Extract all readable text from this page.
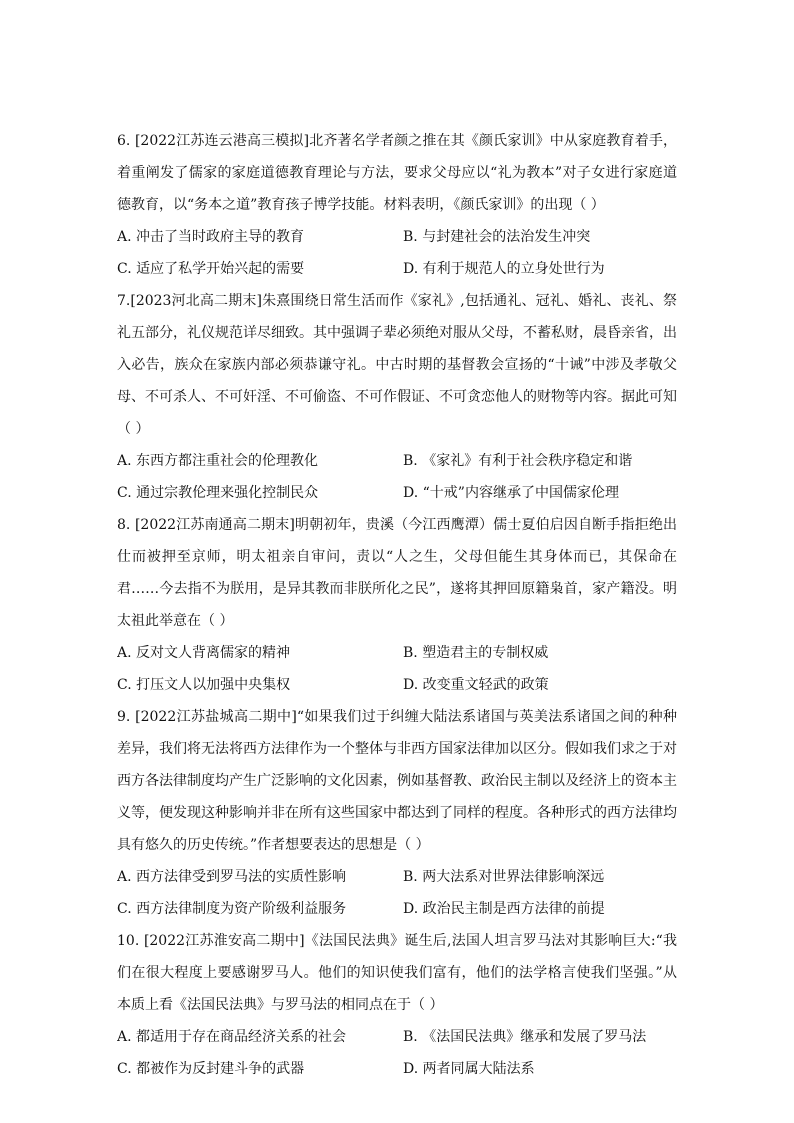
6. [2022江苏连云港高三模拟]北齐著名学者颜之推在其《颜氏家训》中从家庭教育着手，着重阐发了儒家的家庭道德教育理论与方法，要求父母应以“礼为教本”对子女进行家庭道德教育，以“务本之道”教育孩子博学技能。材料表明，《颜氏家训》的出现（ ）

A. 冲击了当时政府主导的教育	B. 与封建社会的法治发生冲突
C. 适应了私学开始兴起的需要	D. 有利于规范人的立身处世行为

7.[2023河北高二期末]朱熹围绕日常生活而作《家礼》,包括通礼、冠礼、婚礼、丧礼、祭礼五部分，礼仪规范详尽细致。其中强调子辈必须绝对服从父母，不蓄私财，晨昏亲省，出入必告，族众在家族内部必须恭谦守礼。中古时期的基督教会宣扬的“十诫”中涉及孝敬父母、不可杀人、不可奸淫、不可偷盗、不可作假证、不可贪恋他人的财物等内容。据此可知（ ）

A. 东西方都注重社会的伦理教化	B. 《家礼》有利于社会秩序稳定和谐
C. 通过宗教伦理来强化控制民众	D. “十戒”内容继承了中国儒家伦理

8. [2022江苏南通高二期末]明朝初年，贵溪（今江西鹰潭）儒士夏伯启因自断手指拒绝出仕而被押至京师，明太祖亲自审问，责以“人之生，父母但能生其身体而已，其保命在君……今去指不为朕用，是异其教而非朕所化之民”，遂将其押回原籍枭首，家产籍没。明太祖此举意在（ ）

A. 反对文人背离儒家的精神	B. 塑造君主的专制权威
C. 打压文人以加强中央集权	D. 改变重文轻武的政策

9. [2022江苏盐城高二期中]“如果我们过于纠缠大陆法系诸国与英美法系诸国之间的种种差异，我们将无法将西方法律作为一个整体与非西方国家法律加以区分。假如我们求之于对西方各法律制度均产生广泛影响的文化因素，例如基督教、政治民主制以及经济上的资本主义等，便发现这种影响并非在所有这些国家中都达到了同样的程度。各种形式的西方法律均具有悠久的历史传统。”作者想要表达的思想是（ ）

A. 西方法律受到罗马法的实质性影响	B. 两大法系对世界法律影响深远
C. 西方法律制度为资产阶级利益服务	D. 政治民主制是西方法律的前提

10. [2022江苏淮安高二期中]《法国民法典》诞生后,法国人坦言罗马法对其影响巨大:“我们在很大程度上要感谢罗马人。他们的知识使我们富有，他们的法学格言使我们坚强。”从本质上看《法国民法典》与罗马法的相同点在于（ ）

A. 都适用于存在商品经济关系的社会	B. 《法国民法典》继承和发展了罗马法
C. 都被作为反封建斗争的武器	D. 两者同属大陆法系
